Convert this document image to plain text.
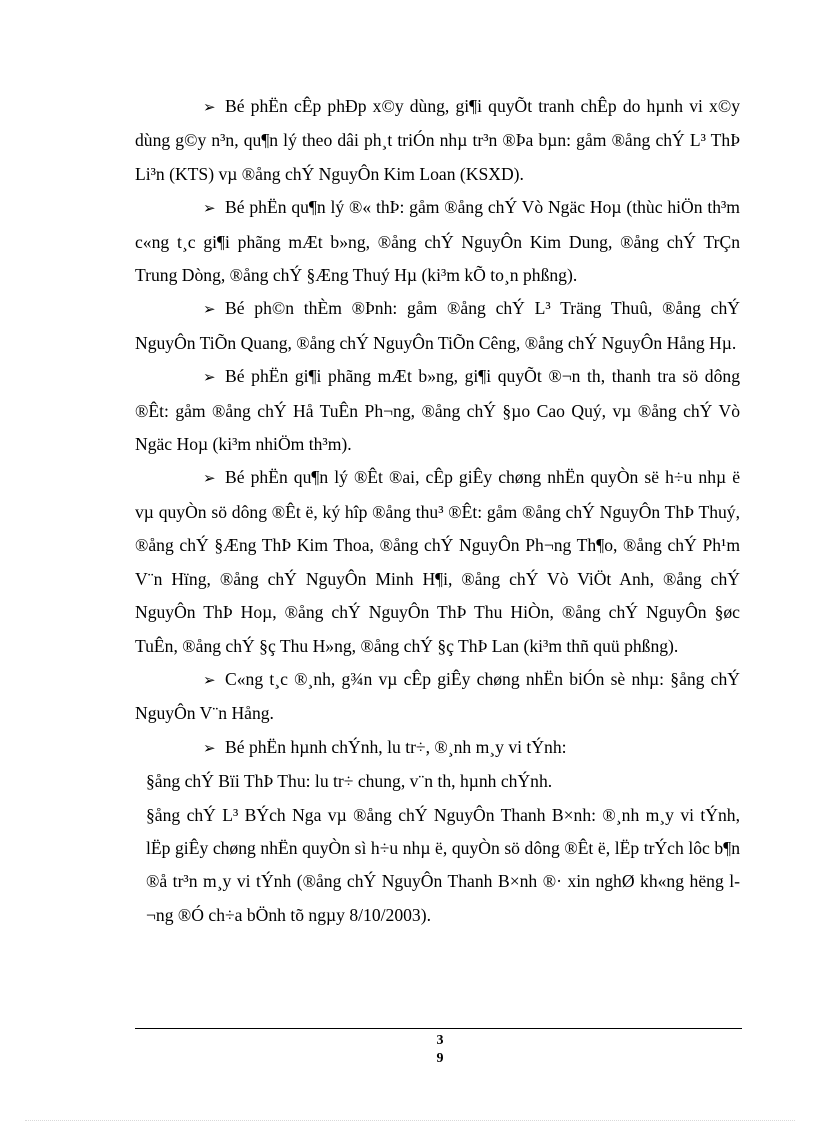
➢ Bé phËn cÊp phÐp x©y dùng, gi¶i quyÕt tranh chÊp do hµnh vi x©y dùng g©y n³n, qu¶n lý theo dâi ph¸t triÓn nhµ tr³n ®Þa bµn: gåm ®ång chÝ L³ ThÞ Li³n (KTS) vµ ®ång chÝ NguyÔn Kim Loan (KSXD).

➢ Bé phËn qu¶n lý ®« thÞ: gåm ®ång chÝ Vò Ngäc Hoµ (thùc hiÖn th³m c«ng t¸c gi¶i phãng mÆt b»ng, ®ång chÝ NguyÔn Kim Dung, ®ång chÝ TrÇn Trung Dòng, ®ång chÝ §Æng Thuý Hµ (ki³m kÕ to¸n phßng).

➢ Bé ph©n thÈm ®Þnh: gåm ®ång chÝ L³ Träng Thuû, ®ång chÝ NguyÔn TiÕn Quang, ®ång chÝ NguyÔn TiÕn Cêng, ®ång chÝ NguyÔn Hång Hµ.

➢ Bé phËn gi¶i phãng mÆt b»ng, gi¶i quyÕt ®¬n th, thanh tra sö dông ®Êt: gåm ®ång chÝ Hå TuÊn Ph¬ng, ®ång chÝ §µo Cao Quý, vµ ®ång chÝ Vò Ngäc Hoµ (ki³m nhiÖm th³m).

➢ Bé phËn qu¶n lý ®Êt ®ai, cÊp giÊy chøng nhËn quyÒn së h÷u nhµ ë vµ quyÒn sö dông ®Êt ë, ký hîp ®ång thu³ ®Êt: gåm ®ång chÝ NguyÔn ThÞ Thuý, ®ång chÝ §Æng ThÞ Kim Thoa, ®ång chÝ NguyÔn Ph¬ng Th¶o, ®ång chÝ Ph¹m V¨n Hïng, ®ång chÝ NguyÔn Minh H¶i, ®ång chÝ Vò ViÖt Anh, ®ång chÝ NguyÔn ThÞ Hoµ, ®ång chÝ NguyÔn ThÞ Thu HiÒn, ®ång chÝ NguyÔn §øc TuÊn, ®ång chÝ §ç Thu H»ng, ®ång chÝ §ç ThÞ Lan (ki³m thñ quü phßng).

➢ C«ng t¸c ®¸nh, g¾n vµ cÊp giÊy chøng nhËn biÓn sè nhµ: §ång chÝ NguyÔn V¨n Hång.

➢ Bé phËn hµnh chÝnh, lu tr÷, ®¸nh m¸y vi tÝnh:

§ång chÝ Bïi ThÞ Thu: lu tr÷ chung, v¨n th, hµnh chÝnh.

§ång chÝ L³ BÝch Nga vµ ®ång chÝ NguyÔn Thanh B×nh: ®¸nh m¸y vi tÝnh, lËp giÊy chøng nhËn quyÒn sì h÷u nhµ ë, quyÒn sö dông ®Êt ë, lËp trÝch lôc b¶n ®å tr³n m¸y vi tÝnh (®ång chÝ NguyÔn Thanh B×nh ®· xin nghØ kh«ng hëng l¬ng ®Ó ch÷a bÖnh tõ ngµy 8/10/2003).

3
9
